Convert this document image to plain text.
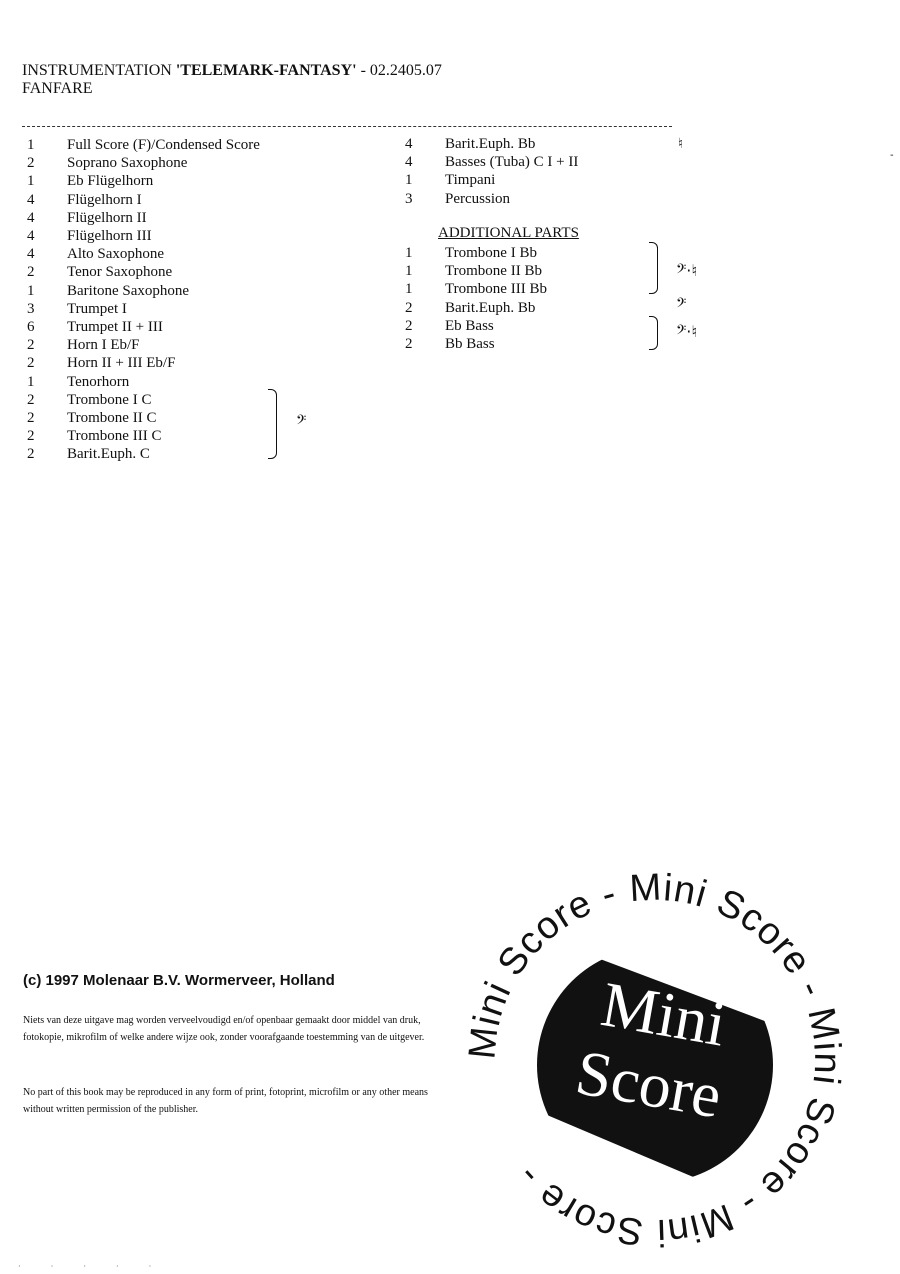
INSTRUMENTATION 'TELEMARK-FANTASY' - 02.2405.07
FANFARE
1	Full Score (F)/Condensed Score
2	Soprano Saxophone
1	Eb Flügelhorn
4	Flügelhorn I
4	Flügelhorn II
4	Flügelhorn III
4	Alto Saxophone
2	Tenor Saxophone
1	Baritone Saxophone
3	Trumpet I
6	Trumpet II + III
2	Horn I Eb/F
2	Horn II + III Eb/F
1	Tenorhorn
2	Trombone I C
2	Trombone II C
2	Trombone III C
2	Barit.Euph. C
4	Barit.Euph. Bb
4	Basses (Tuba) C I + II
1	Timpani
3	Percussion
ADDITIONAL PARTS
1	Trombone I Bb
1	Trombone II Bb
1	Trombone III Bb
2	Barit.Euph. Bb
2	Eb Bass
2	Bb Bass
♮
𝄢
𝄢·♮
𝄢
𝄢·♮
-
(c) 1997 Molenaar B.V. Wormerveer, Holland
Niets van deze uitgave mag worden verveelvoudigd en/of openbaar gemaakt door middel van druk, fotokopie, mikrofilm of welke andere wijze ook, zonder voorafgaande toestemming van de uitgever.
No part of this book may be reproduced in any form of print, fotoprint, microfilm or any other means without written permission of the publisher.
Mini Score - Mini Score - Mini Score - Mini Score -
Mini
Score
· · · · ·
